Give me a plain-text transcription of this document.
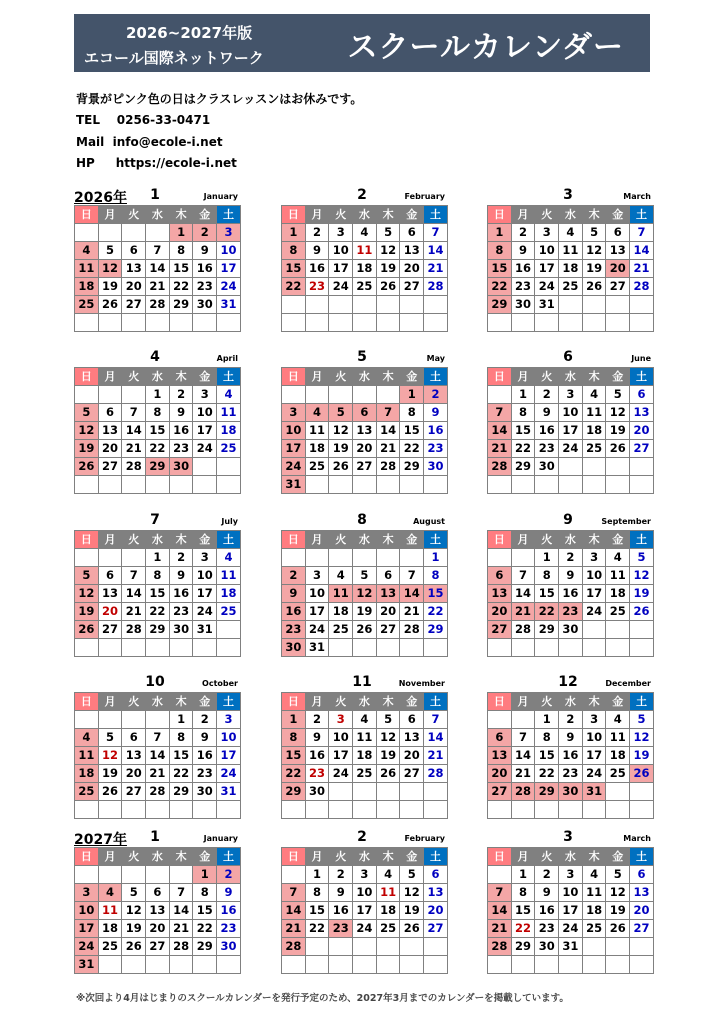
2026~2027年版
エコール国際ネットワーク	スクールカレンダー
背景がピンク色の日はクラスレッスンはお休みです。
TEL 0256-33-0471
Mail info@ecole-i.net
HP https://ecole-i.net
2026年	1	January
日	月	火	水	木	金	土
				1	2	3
4	5	6	7	8	9	10
11	12	13	14	15	16	17
18	19	20	21	22	23	24
25	26	27	28	29	30	31

2	February
日	月	火	水	木	金	土
1	2	3	4	5	6	7
8	9	10	11	12	13	14
15	16	17	18	19	20	21
22	23	24	25	26	27	28

3	March
日	月	火	水	木	金	土
1	2	3	4	5	6	7
8	9	10	11	12	13	14
15	16	17	18	19	20	21
22	23	24	25	26	27	28
29	30	31				

4	April
日	月	火	水	木	金	土
			1	2	3	4
5	6	7	8	9	10	11
12	13	14	15	16	17	18
19	20	21	22	23	24	25
26	27	28	29	30		

5	May
日	月	火	水	木	金	土
					1	2
3	4	5	6	7	8	9
10	11	12	13	14	15	16
17	18	19	20	21	22	23
24	25	26	27	28	29	30
31						
6	June
日	月	火	水	木	金	土
	1	2	3	4	5	6
7	8	9	10	11	12	13
14	15	16	17	18	19	20
21	22	23	24	25	26	27
28	29	30				

7	July
日	月	火	水	木	金	土
			1	2	3	4
5	6	7	8	9	10	11
12	13	14	15	16	17	18
19	20	21	22	23	24	25
26	27	28	29	30	31	

8	August
日	月	火	水	木	金	土
						1
2	3	4	5	6	7	8
9	10	11	12	13	14	15
16	17	18	19	20	21	22
23	24	25	26	27	28	29
30	31					
9	September
日	月	火	水	木	金	土
		1	2	3	4	5
6	7	8	9	10	11	12
13	14	15	16	17	18	19
20	21	22	23	24	25	26
27	28	29	30			

10	October
日	月	火	水	木	金	土
				1	2	3
4	5	6	7	8	9	10
11	12	13	14	15	16	17
18	19	20	21	22	23	24
25	26	27	28	29	30	31

11	November
日	月	火	水	木	金	土
1	2	3	4	5	6	7
8	9	10	11	12	13	14
15	16	17	18	19	20	21
22	23	24	25	26	27	28
29	30					

12	December
日	月	火	水	木	金	土
		1	2	3	4	5
6	7	8	9	10	11	12
13	14	15	16	17	18	19
20	21	22	23	24	25	26
27	28	29	30	31		

2027年	1	January
日	月	火	水	木	金	土
					1	2
3	4	5	6	7	8	9
10	11	12	13	14	15	16
17	18	19	20	21	22	23
24	25	26	27	28	29	30
31						
2	February
日	月	火	水	木	金	土
	1	2	3	4	5	6
7	8	9	10	11	12	13
14	15	16	17	18	19	20
21	22	23	24	25	26	27
28						

3	March
日	月	火	水	木	金	土
	1	2	3	4	5	6
7	8	9	10	11	12	13
14	15	16	17	18	19	20
21	22	23	24	25	26	27
28	29	30	31			

※次回より4月はじまりのスクールカレンダーを発行予定のため、2027年3月までのカレンダーを掲載しています。
